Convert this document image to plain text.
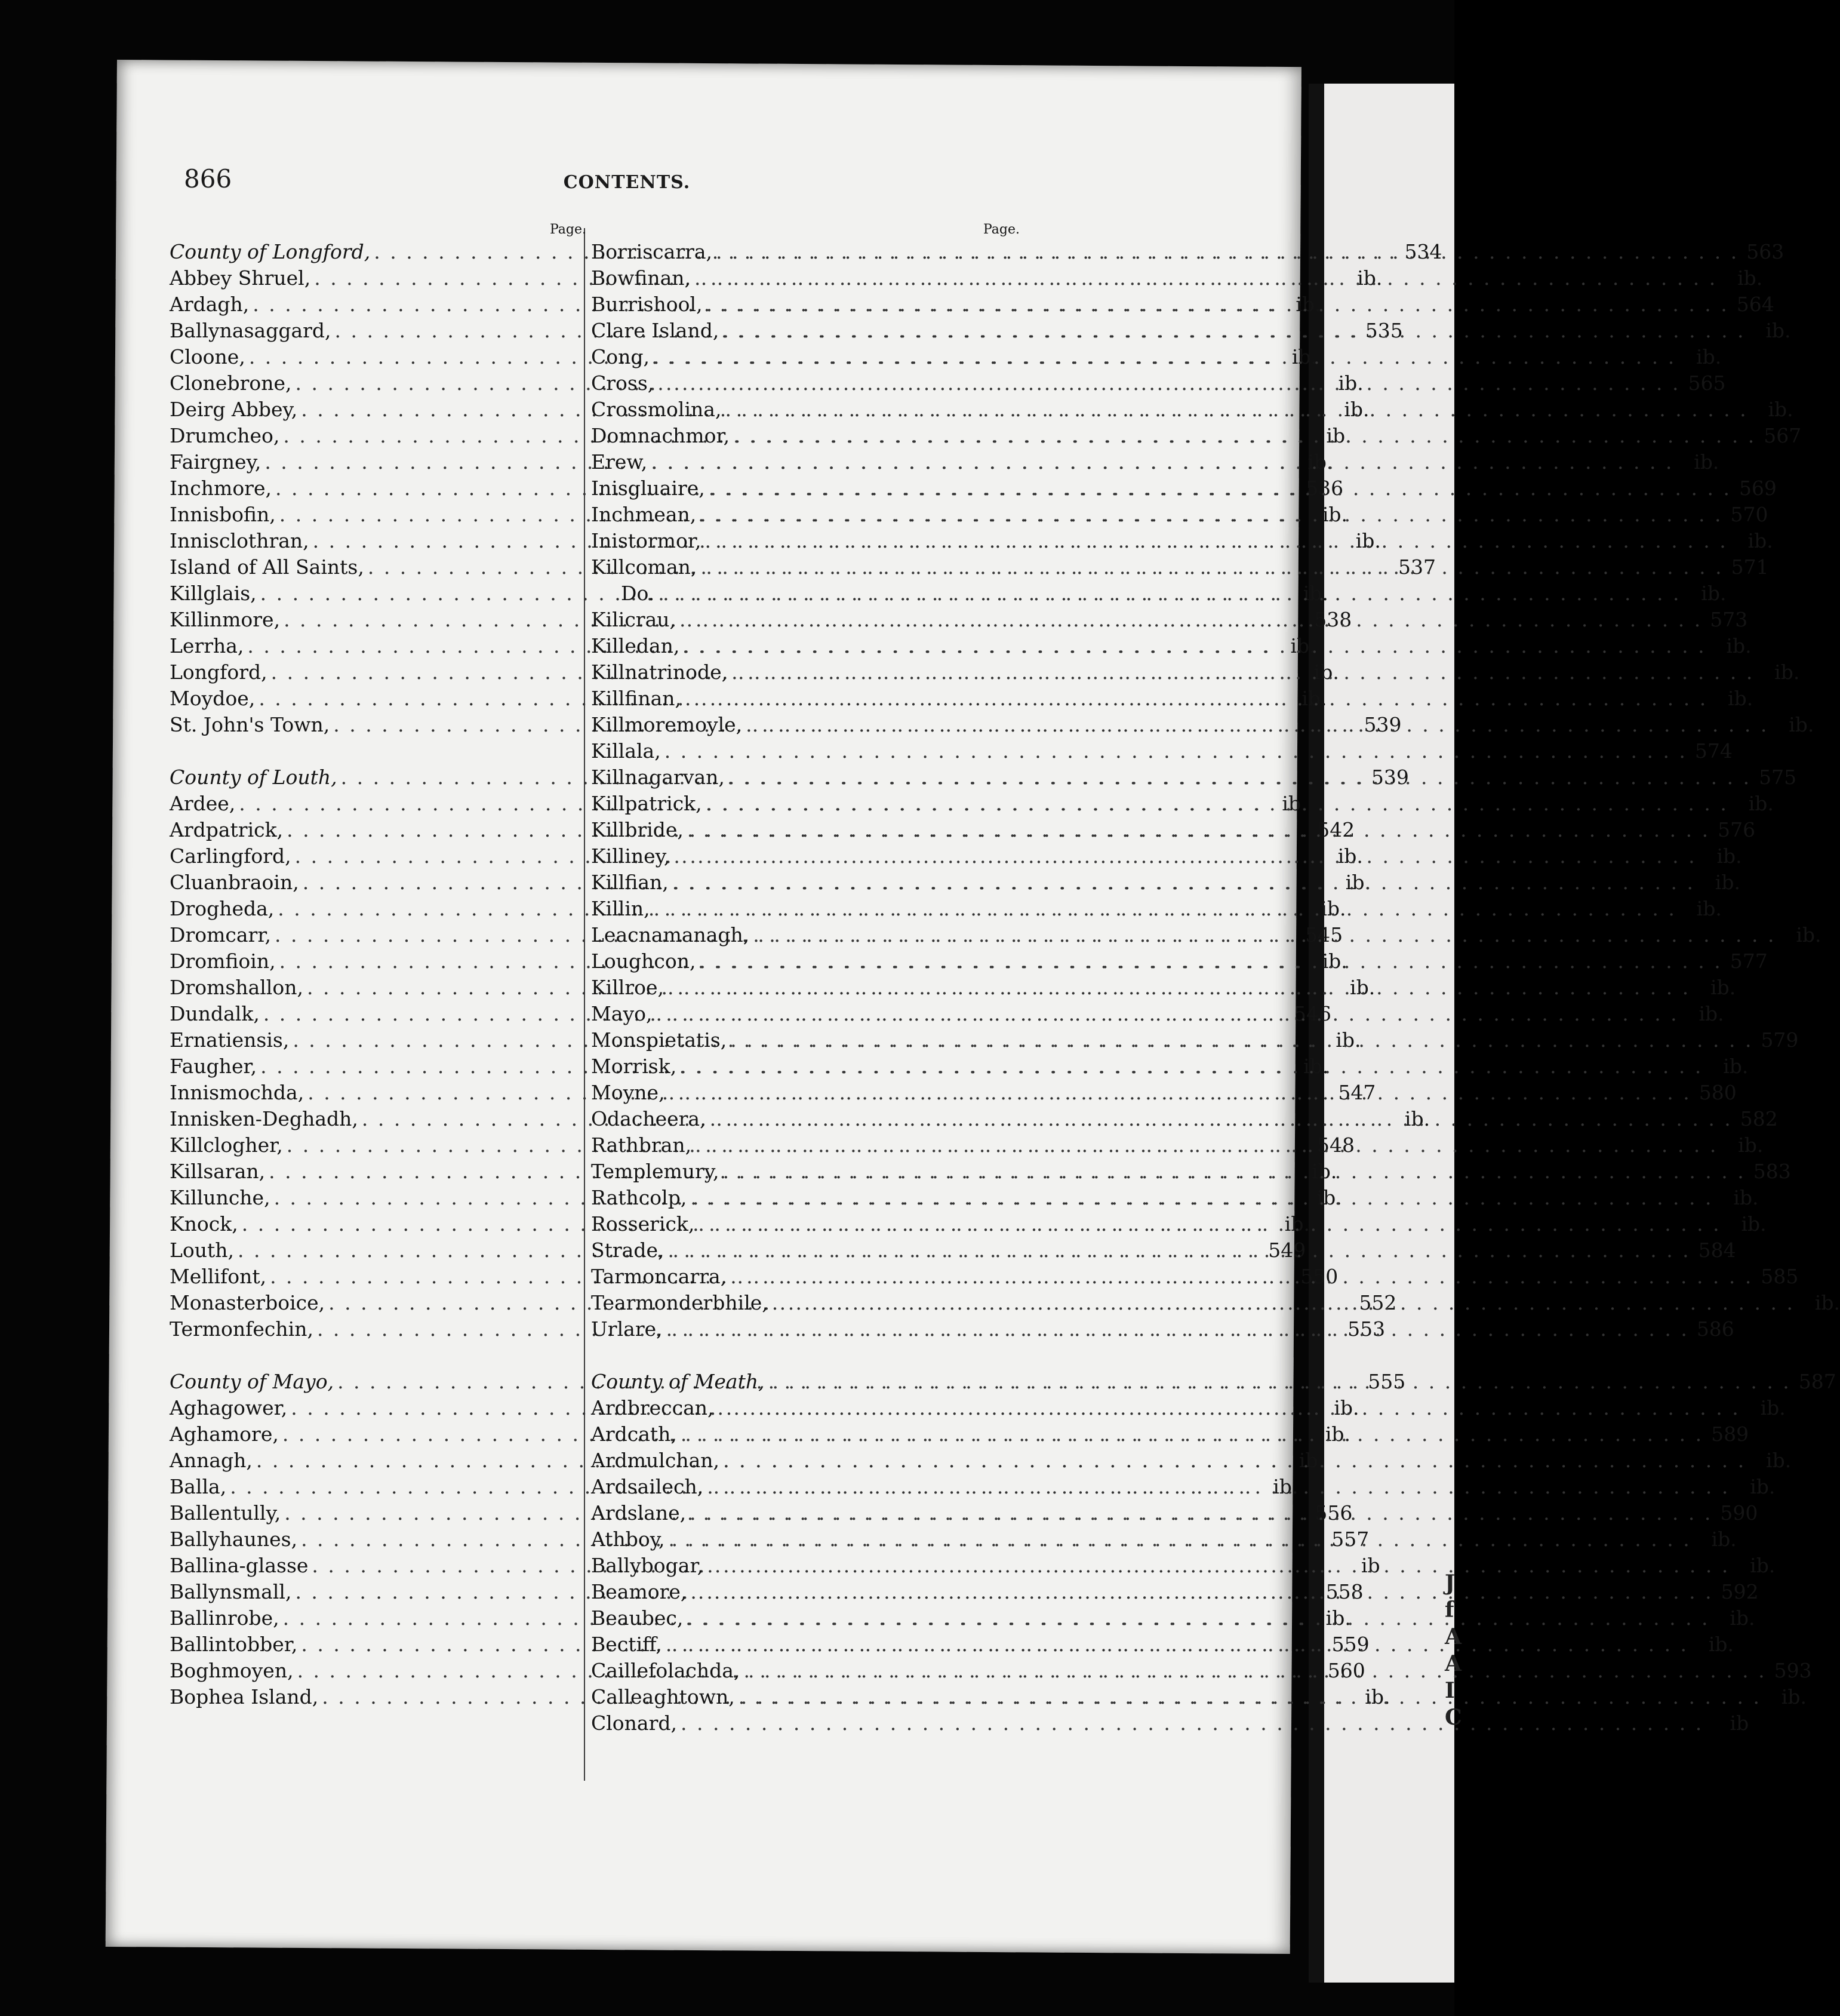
J
f
A
A
I
C
866	CONTENTS.
Page.
County of Longford, . . .	534
Abbey Shruel, . . .	ib.
Ardagh, . . .	ib.
Ballynasaggard, . . .	535
Cloone, . . .	ib.
Clonebrone, . . .	ib.
Deirg Abbey, . . .	ib.
Drumcheo, . . .	ib.
Fairgney, . . .	ib.
Inchmore, . . .	536
Innisbofin, . . .	ib.
Innisclothran, . . .	ib.
Island of All Saints, . . .	537
Killglais, . . .	ib.
Killinmore, . . .	538
Lerrha, . . .	ib.
Longford, . . .	ib.
Moydoe, . . .	ib.
St. John's Town, . . .	539
County of Louth, . . .	539
Ardee, . . .	ib.
Ardpatrick, . . .	542
Carlingford, . . .	ib.
Cluanbraoin, . . .	ib.
Drogheda, . . .	ib.
Dromcarr, . . .	545
Dromfioin, . . .	ib.
Dromshallon, . . .	ib.
Dundalk, . . .	546
Ernatiensis, . . .	ib.
Faugher, . . .	ib.
Innismochda, . . .	547
Innisken-Deghadh, . . .	ib.
Killclogher, . . .	548
Killsaran, . . .	ib.
Killunche, . . .	ib.
Knock, . . .	ib.
Louth, . . .	549
Mellifont, . . .	550
Monasterboice, . . .	552
Termonfechin, . . .	553
County of Mayo, . . .	555
Aghagower, . . .	ib.
Aghamore, . . .	ib.
Annagh, . . .	ib.
Balla, . . .	ib.
Ballentully, . . .	556
Ballyhaunes, . . .	557
Ballina-glasse . . .	ib
Ballynsmall, . . .	558
Ballinrobe, . . .	ib.
Ballintobber, . . .	559
Boghmoyen, . . .	560
Bophea Island, . . .	ib.
Page.
Borriscarra, . . .	563
Bowfinan, . . .	ib.
Burrishool, . . .	564
Clare Island, . . .	ib.
Cong, . . .	ib.
Cross, . . .	565
Crossmolina, . . .	ib.
Domnachmor, . . .	567
Erew, . . .	ib.
Inisgluaire, . . .	569
Inchmean, . . .	570
Inistormor, . . .	ib.
Killcoman, . . .	571
Do. . . .	ib.
Kilicrau, . . .	573
Killedan, . . .	ib.
Killnatrinode, . . .	ib.
Killfinan, . . .	ib.
Killmoremoyle, . . .	ib.
Killala, . . .	574
Killnagarvan, . . .	575
Killpatrick, . . .	ib.
Killbride, . . .	576
Killiney, . . .	ib.
Killfian, . . .	ib.
Killin, . . .	ib.
Leacnamanagh, . . .	ib.
Loughcon, . . .	577
Killroe, . . .	ib.
Mayo, . . .	ib.
Monspietatis, . . .	579
Morrisk, . . .	ib.
Moyne, . . .	580
Odacheera, . . .	582
Rathbran, . . .	ib.
Templemury, . . .	583
Rathcolp, . . .	ib.
Rosserick, . . .	ib.
Strade, . . .	584
Tarmoncarra, . . .	585
Tearmonderbhile, . . .	ib.
Urlare, . . .	586
County of Meath, . . .	587
Ardbreccan, . . .	ib.
Ardcath, . . .	589
Ardmulchan, . . .	ib.
Ardsailech, . . .	ib.
Ardslane, . . .	590
Athboy, . . .	ib.
Ballybogar, . . .	ib.
Beamore, . . .	592
Beaubec, . . .	ib.
Bectiff, . . .	ib.
Caillefolachda, . . .	593
Calleaghtown, . . .	ib.
Clonard, . . .	ib
